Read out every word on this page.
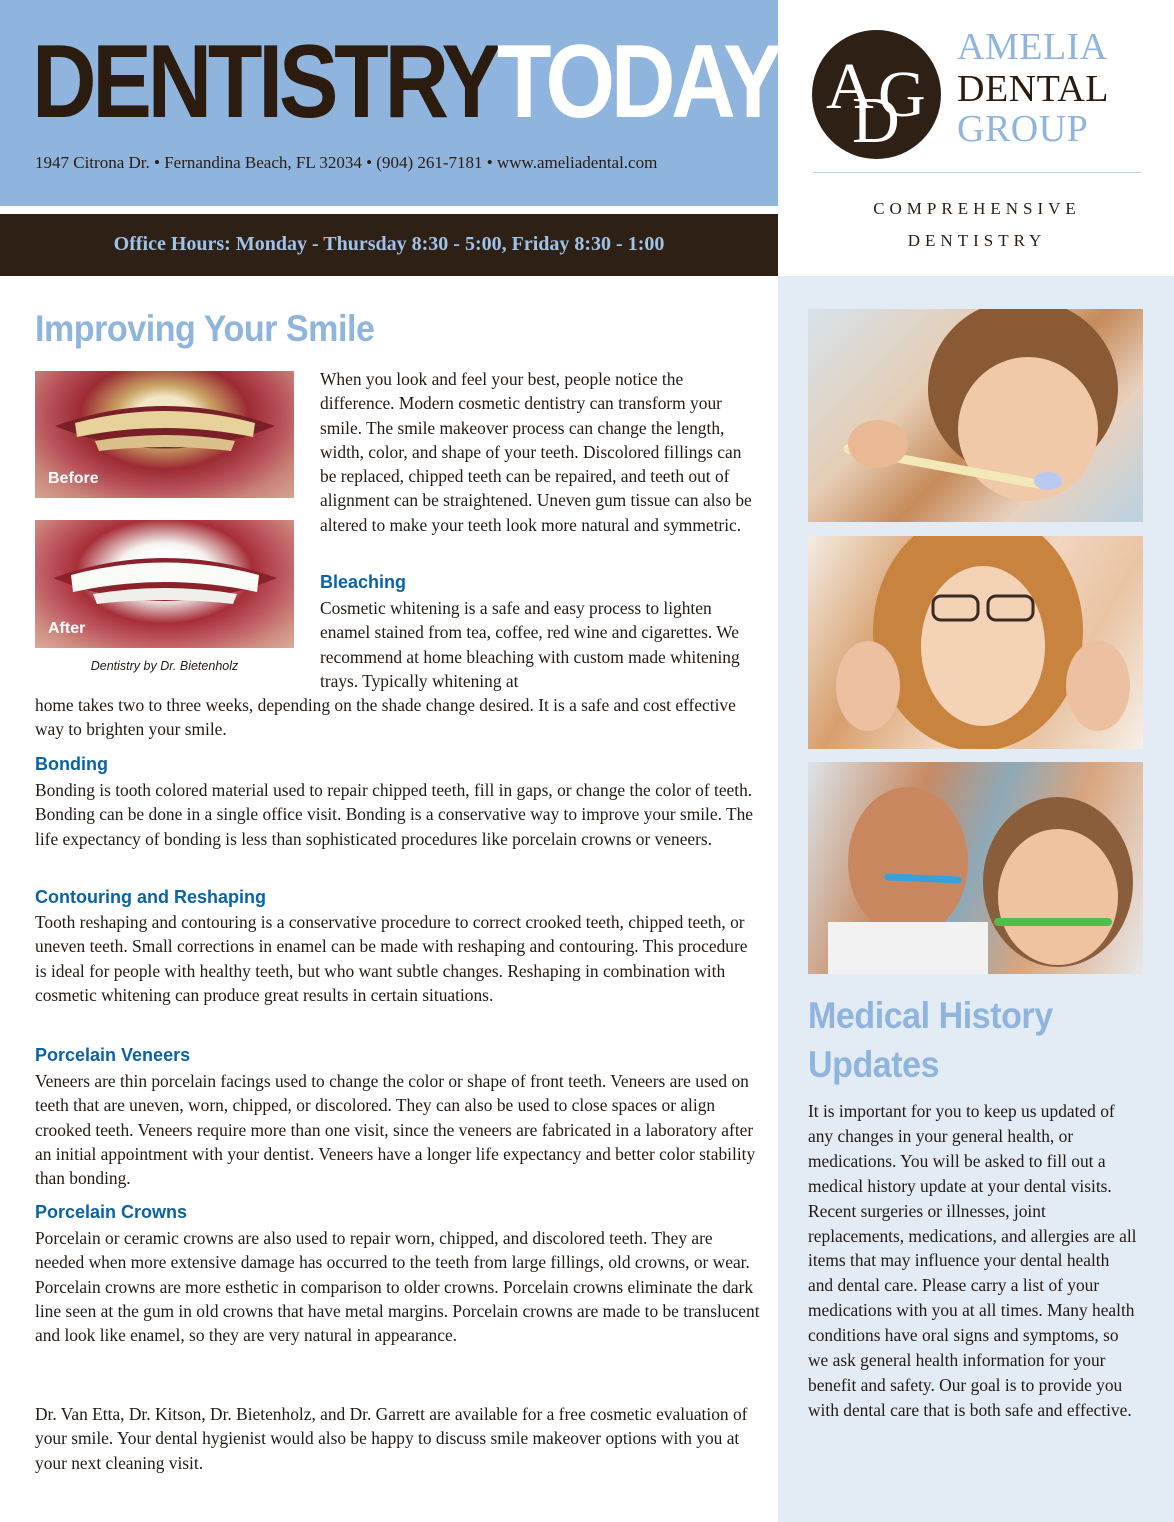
DENTISTRYTODAY
1947 Citrona Dr. • Fernandina Beach, FL 32034 • (904) 261-7181 • www.ameliadental.com
Office Hours: Monday - Thursday 8:30 - 5:00, Friday 8:30 - 1:00
A
D
G
AMELIA
DENTAL
GROUP
COMPREHENSIVE
DENTISTRY
Improving Your Smile
Before
After
Dentistry by Dr. Bietenholz
When you look and feel your best, people notice the difference. Modern cosmetic dentistry can transform your smile. The smile makeover process can change the length, width, color, and shape of your teeth. Discolored fillings can be replaced, chipped teeth can be repaired, and teeth out of alignment can be straightened. Uneven gum tissue can also be altered to make your teeth look more natural and symmetric.
Bleaching
Cosmetic whitening is a safe and easy process to lighten enamel stained from tea, coffee, red wine and cigarettes. We recommend at home bleaching with custom made whitening trays. Typically whitening at
home takes two to three weeks, depending on the shade change desired. It is a safe and cost effective way to brighten your smile.
Bonding
Bonding is tooth colored material used to repair chipped teeth, fill in gaps, or change the color of teeth. Bonding can be done in a single office visit. Bonding is a conservative way to improve your smile. The life expectancy of bonding is less than sophisticated procedures like porcelain crowns or veneers.
Contouring and Reshaping
Tooth reshaping and contouring is a conservative procedure to correct crooked teeth, chipped teeth, or uneven teeth. Small corrections in enamel can be made with reshaping and contouring. This procedure is ideal for people with healthy teeth, but who want subtle changes. Reshaping in combination with cosmetic whitening can produce great results in certain situations.
Porcelain Veneers
Veneers are thin porcelain facings used to change the color or shape of front teeth. Veneers are used on teeth that are uneven, worn, chipped, or discolored. They can also be used to close spaces or align crooked teeth. Veneers require more than one visit, since the veneers are fabricated in a laboratory after an initial appointment with your dentist. Veneers have a longer life expectancy and better color stability than bonding.
Porcelain Crowns
Porcelain or ceramic crowns are also used to repair worn, chipped, and discolored teeth. They are needed when more extensive damage has occurred to the teeth from large fillings, old crowns, or wear. Porcelain crowns are more esthetic in comparison to older crowns. Porcelain crowns eliminate the dark line seen at the gum in old crowns that have metal margins. Porcelain crowns are made to be translucent and look like enamel, so they are very natural in appearance.
Dr. Van Etta, Dr. Kitson, Dr. Bietenholz, and Dr. Garrett are available for a free cosmetic evaluation of your smile. Your dental hygienist would also be happy to discuss smile makeover options with you at your next cleaning visit.
Medical History Updates
It is important for you to keep us updated of any changes in your general health, or medications. You will be asked to fill out a medical history update at your dental visits. Recent surgeries or illnesses, joint replacements, medications, and allergies are all items that may influence your dental health and dental care. Please carry a list of your medications with you at all times. Many health conditions have oral signs and symptoms, so we ask general health information for your benefit and safety. Our goal is to provide you with dental care that is both safe and effective.
